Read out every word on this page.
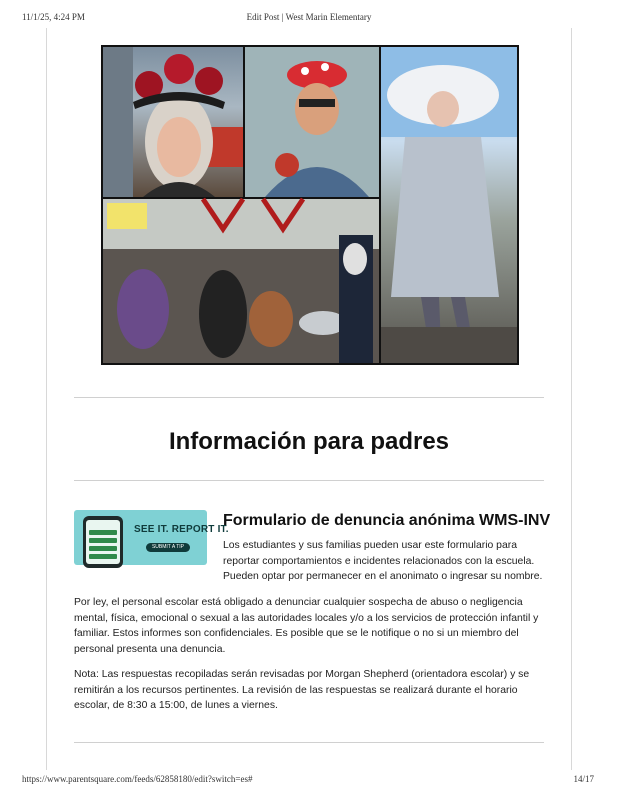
11/1/25, 4:24 PM	Edit Post | West Marin Elementary
Información para padres
SEE IT. REPORT IT.
SUBMIT A TIP
Formulario de denuncia anónima WMS-INV
Los estudiantes y sus familias pueden usar este formulario para reportar comportamientos e incidentes relacionados con la escuela. Pueden optar por permanecer en el anonimato o ingresar su nombre.
Por ley, el personal escolar está obligado a denunciar cualquier sospecha de abuso o negligencia mental, física, emocional o sexual a las autoridades locales y/o a los servicios de protección infantil y familiar. Estos informes son confidenciales. Es posible que se le notifique o no si un miembro del personal presenta una denuncia.
Nota: Las respuestas recopiladas serán revisadas por Morgan Shepherd (orientadora escolar) y se remitirán a los recursos pertinentes. La revisión de las respuestas se realizará durante el horario escolar, de 8:30 a 15:00, de lunes a viernes.
https://www.parentsquare.com/feeds/62858180/edit?switch=es#	14/17
